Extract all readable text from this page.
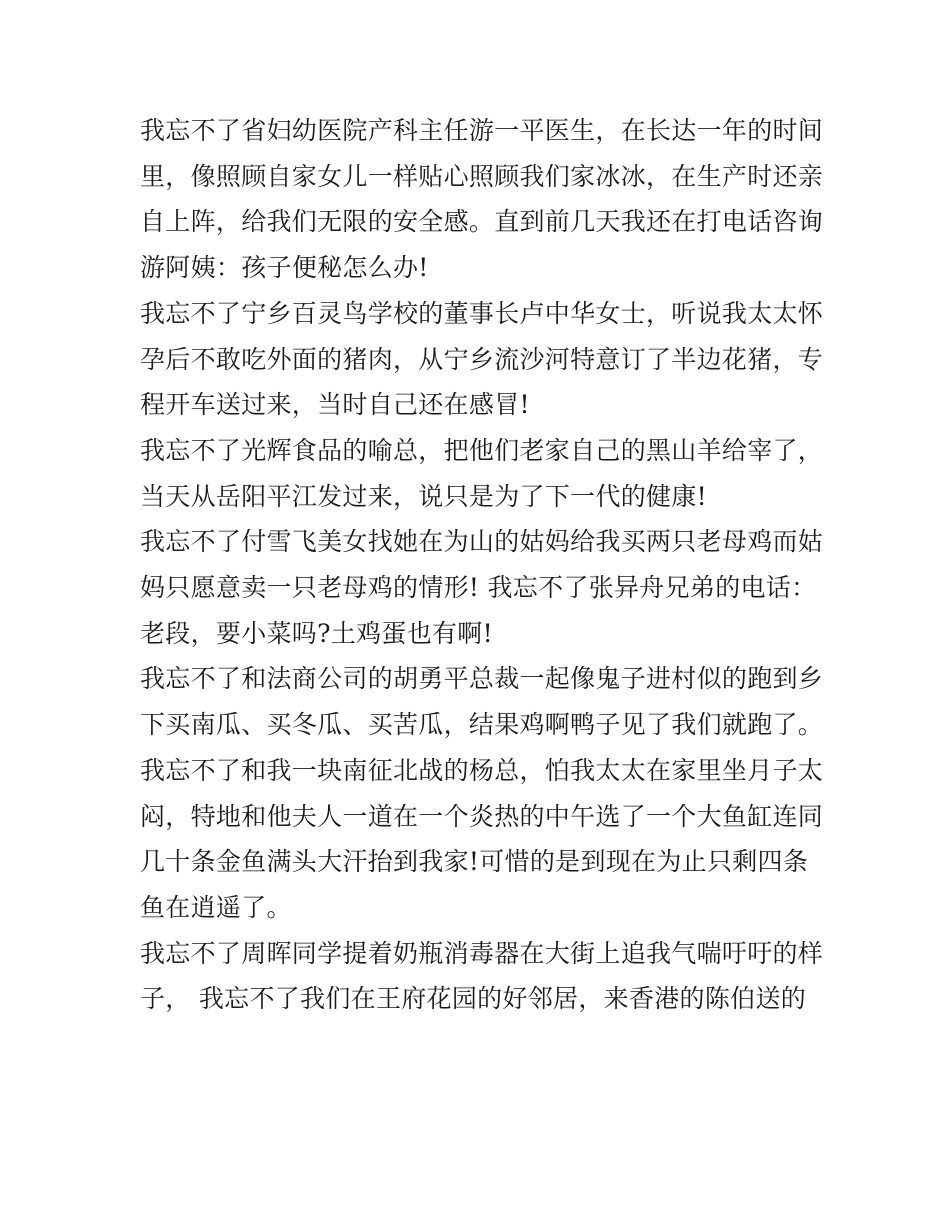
我忘不了省妇幼医院产科主任游一平医生，在长达一年的时间
里，像照顾自家女儿一样贴心照顾我们家冰冰，在生产时还亲
自上阵，给我们无限的安全感。直到前几天我还在打电话咨询
游阿姨：孩子便秘怎么办!
我忘不了宁乡百灵鸟学校的董事长卢中华女士，听说我太太怀
孕后不敢吃外面的猪肉，从宁乡流沙河特意订了半边花猪，专
程开车送过来，当时自己还在感冒!
我忘不了光辉食品的喻总，把他们老家自己的黑山羊给宰了，
当天从岳阳平江发过来，说只是为了下一代的健康!
我忘不了付雪飞美女找她在为山的姑妈给我买两只老母鸡而姑
妈只愿意卖一只老母鸡的情形! 我忘不了张异舟兄弟的电话：
老段，要小菜吗?土鸡蛋也有啊!
我忘不了和法商公司的胡勇平总裁一起像鬼子进村似的跑到乡
下买南瓜、买冬瓜、买苦瓜，结果鸡啊鸭子见了我们就跑了。
我忘不了和我一块南征北战的杨总，怕我太太在家里坐月子太
闷，特地和他夫人一道在一个炎热的中午选了一个大鱼缸连同
几十条金鱼满头大汗抬到我家!可惜的是到现在为止只剩四条
鱼在逍遥了。
我忘不了周晖同学提着奶瓶消毒器在大街上追我气喘吁吁的样
子， 我忘不了我们在王府花园的好邻居，来香港的陈伯送的
